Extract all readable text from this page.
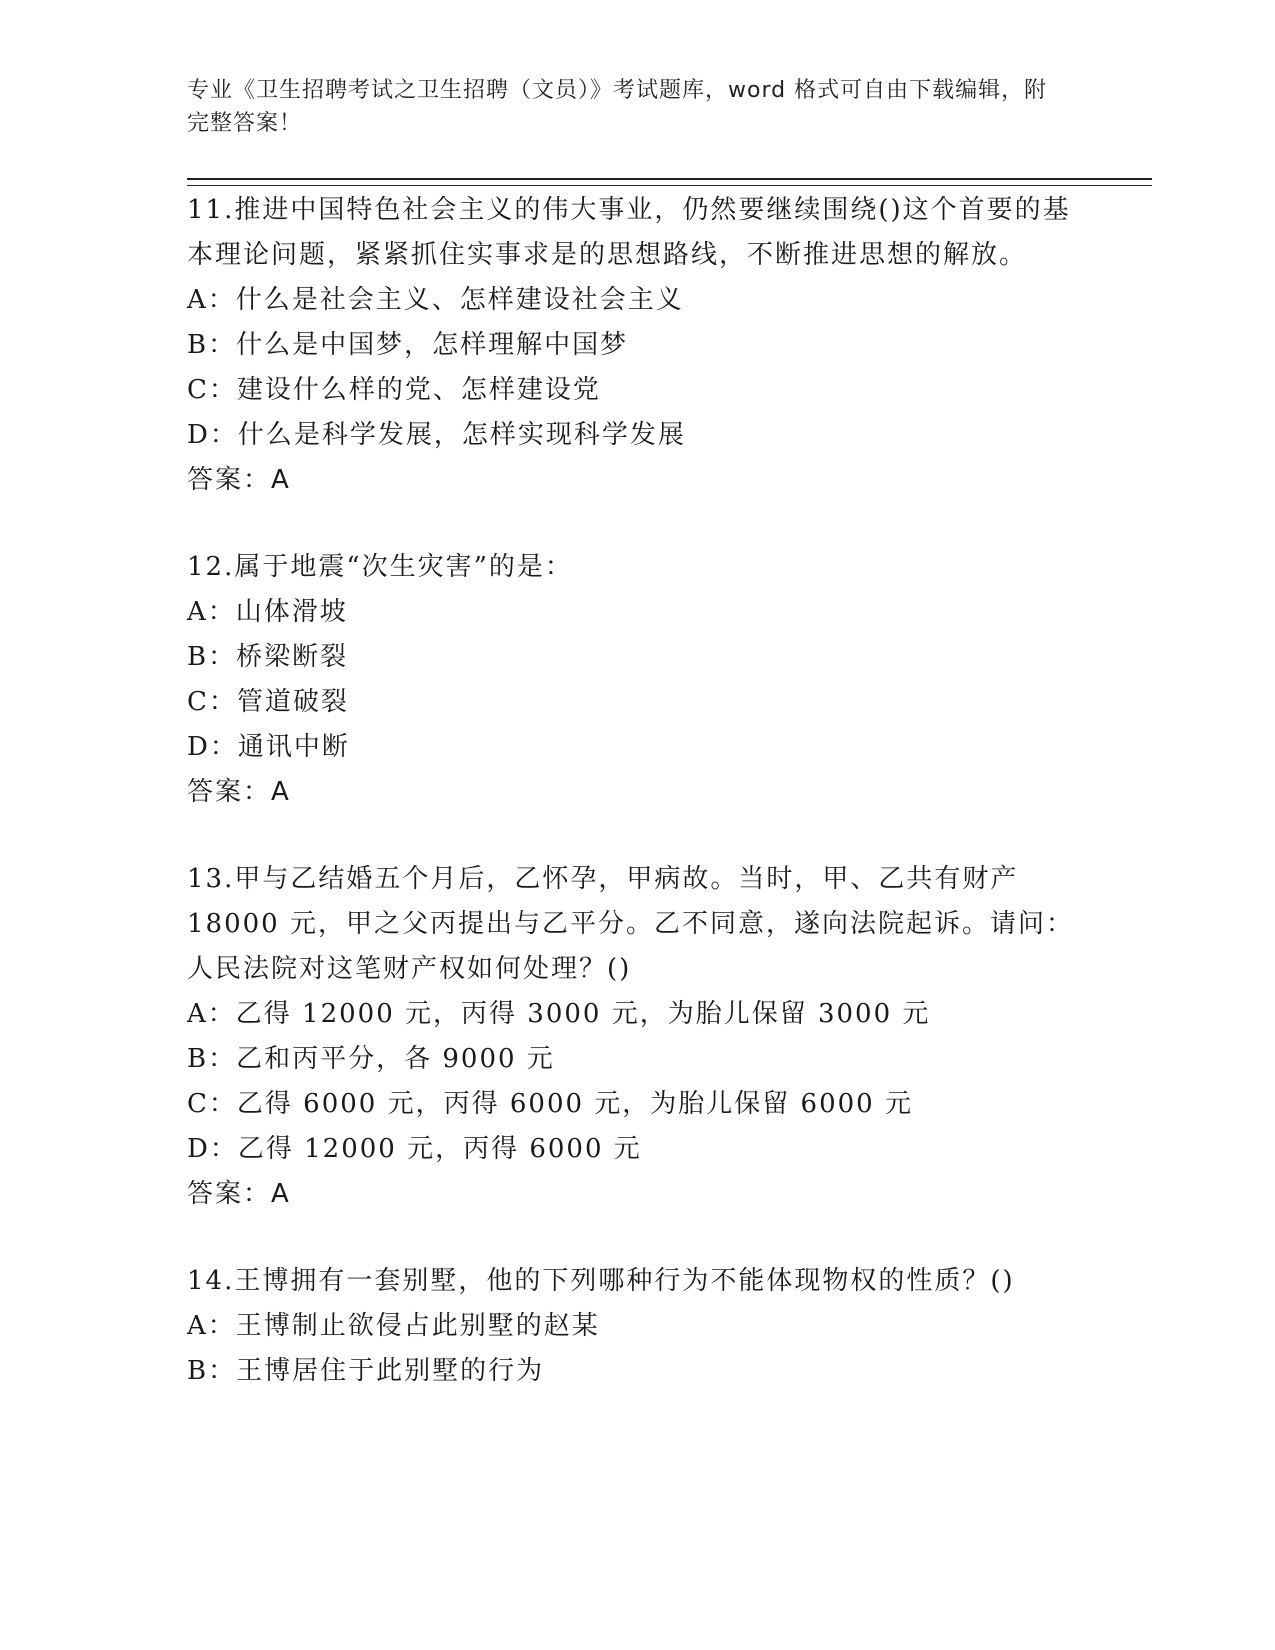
专业《卫生招聘考试之卫生招聘（文员）》考试题库，word 格式可自由下载编辑，附完整答案！

11.推进中国特色社会主义的伟大事业，仍然要继续围绕()这个首要的基本理论问题，紧紧抓住实事求是的思想路线，不断推进思想的解放。

A：什么是社会主义、怎样建设社会主义

B：什么是中国梦，怎样理解中国梦

C：建设什么样的党、怎样建设党

D：什么是科学发展，怎样实现科学发展

答案：A

12.属于地震“次生灾害”的是：

A：山体滑坡

B：桥梁断裂

C：管道破裂

D：通讯中断

答案：A

13.甲与乙结婚五个月后，乙怀孕，甲病故。当时，甲、乙共有财产 18000 元，甲之父丙提出与乙平分。乙不同意，遂向法院起诉。请问：人民法院对这笔财产权如何处理？()

A：乙得 12000 元，丙得 3000 元，为胎儿保留 3000 元

B：乙和丙平分，各 9000 元

C：乙得 6000 元，丙得 6000 元，为胎儿保留 6000 元

D：乙得 12000 元，丙得 6000 元

答案：A

14.王博拥有一套别墅，他的下列哪种行为不能体现物权的性质？()

A：王博制止欲侵占此别墅的赵某

B：王博居住于此别墅的行为
